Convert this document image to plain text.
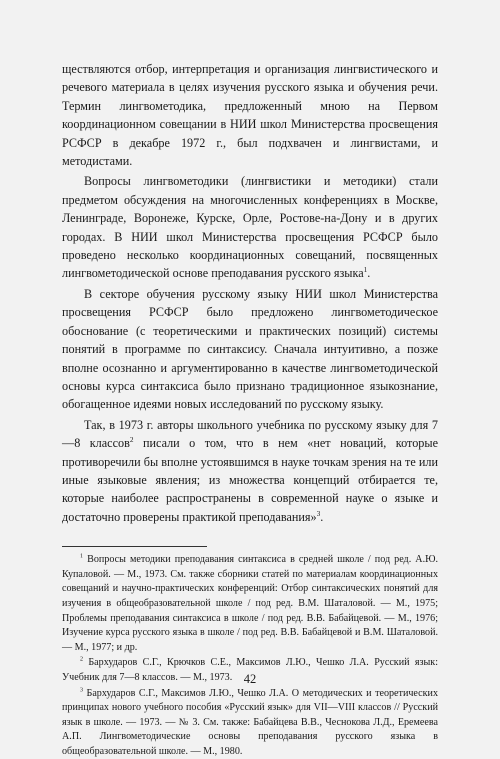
ществляются отбор, интерпретация и организация лингвистического и речевого материала в целях изучения русского языка и обучения речи. Термин лингвометодика, предложенный мною на Первом координационном совещании в НИИ школ Министерства просвещения РСФСР в декабре 1972 г., был подхвачен и лингвистами, и методистами.

Вопросы лингвометодики (лингвистики и методики) стали предметом обсуждения на многочисленных конференциях в Москве, Ленинграде, Воронеже, Курске, Орле, Ростове-на-Дону и в других городах. В НИИ школ Министерства просвещения РСФСР было проведено несколько координационных совещаний, посвященных лингвометодической основе преподавания русского языка$^1$.

В секторе обучения русскому языку НИИ школ Министерства просвещения РСФСР было предложено лингвометодическое обоснование (с теоретическими и практических позиций) системы понятий в программе по синтаксису. Сначала интуитивно, а позже вполне осознанно и аргументированно в качестве лингвометодической основы курса синтаксиса было признано традиционное языкознание, обогащенное идеями новых исследований по русскому языку.

Так, в 1973 г. авторы школьного учебника по русскому языку для 7—8 классов$^2$ писали о том, что в нем «нет новаций, которые противоречили бы вполне устоявшимся в науке точкам зрения на те или иные языковые явления; из множества концепций отбирается те, которые наиболее распространены в современной науке о языке и достаточно проверены практикой преподавания»$^3$.

$^1$ Вопросы методики преподавания синтаксиса в средней школе / под ред. А.Ю. Купаловой. — М., 1973. См. также сборники статей по материалам координационных совещаний и научно-практических конференций: Отбор синтаксических понятий для изучения в общеобразовательной школе / под ред. В.М. Шаталовой. — М., 1975; Проблемы преподавания синтаксиса в школе / под ред. В.В. Бабайцевой. — М., 1976; Изучение курса русского языка в школе / под ред. В.В. Бабайцевой и В.М. Шаталовой. — М., 1977; и др.

$^2$ Бархударов С.Г., Крючков С.Е., Максимов Л.Ю., Чешко Л.А. Русский язык: Учебник для 7—8 классов. — М., 1973.

$^3$ Бархударов С.Г., Максимов Л.Ю., Чешко Л.А. О методических и теоретических принципах нового учебного пособия «Русский язык» для VII—VIII классов // Русский язык в школе. — 1973. — № 3. См. также: Бабайцева В.В., Чеснокова Л.Д., Еремеева А.П. Лингвометодические основы преподавания русского языка в общеобразовательной школе. — М., 1980.

42
